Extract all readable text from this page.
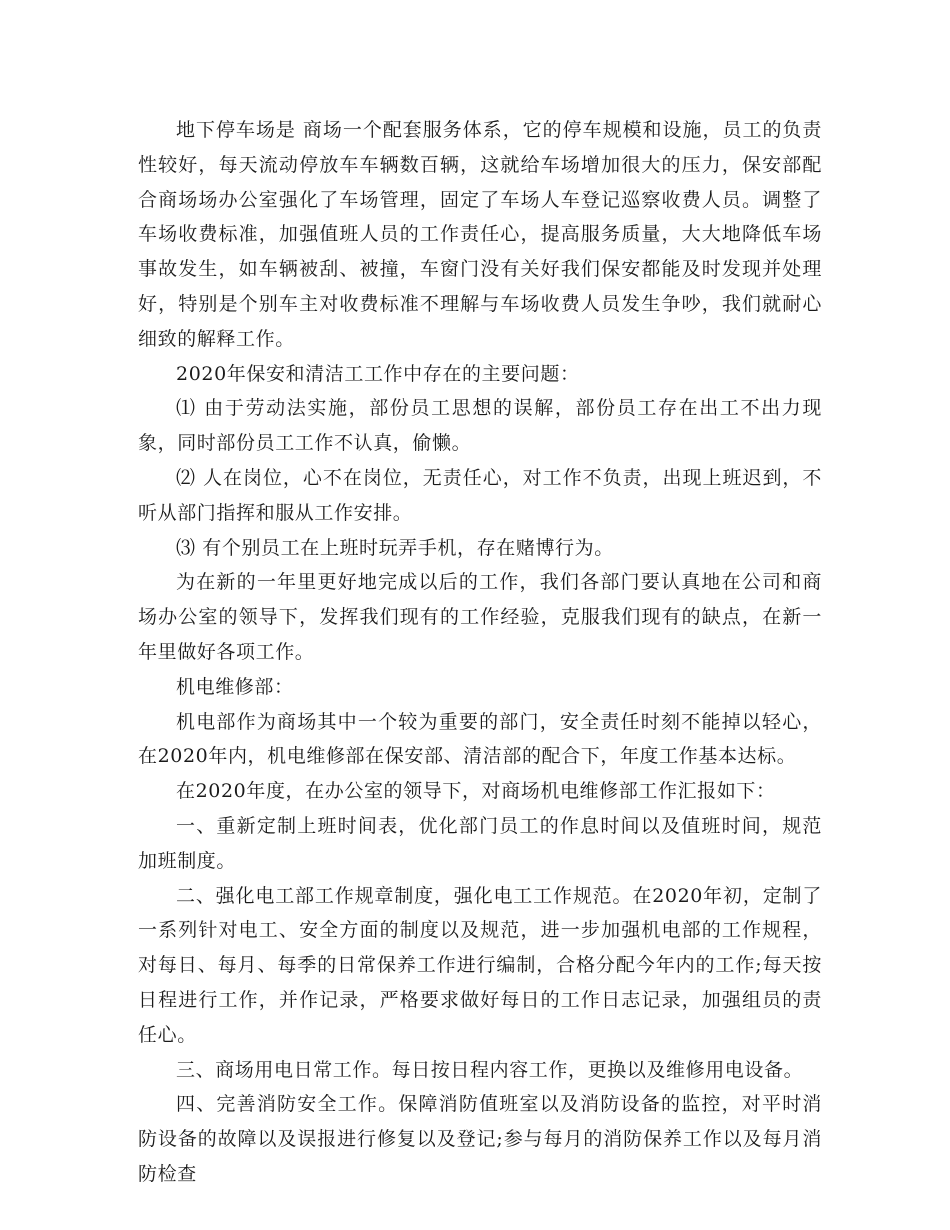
地下停车场是 商场一个配套服务体系，它的停车规模和设施，员工的负责性较好，每天流动停放车车辆数百辆，这就给车场增加很大的压力，保安部配合商场场办公室强化了车场管理，固定了车场人车登记巡察收费人员。调整了车场收费标准，加强值班人员的工作责任心，提高服务质量，大大地降低车场事故发生，如车辆被刮、被撞，车窗门没有关好我们保安都能及时发现并处理好，特别是个别车主对收费标准不理解与车场收费人员发生争吵，我们就耐心细致的解释工作。

2020年保安和清洁工工作中存在的主要问题：

⑴ 由于劳动法实施，部份员工思想的误解，部份员工存在出工不出力现象，同时部份员工工作不认真，偷懒。

⑵ 人在岗位，心不在岗位，无责任心，对工作不负责，出现上班迟到，不听从部门指挥和服从工作安排。

⑶ 有个别员工在上班时玩弄手机，存在赌博行为。

为在新的一年里更好地完成以后的工作，我们各部门要认真地在公司和商场办公室的领导下，发挥我们现有的工作经验，克服我们现有的缺点，在新一年里做好各项工作。

机电维修部：

机电部作为商场其中一个较为重要的部门，安全责任时刻不能掉以轻心，在2020年内，机电维修部在保安部、清洁部的配合下，年度工作基本达标。

在2020年度，在办公室的领导下，对商场机电维修部工作汇报如下：

一、重新定制上班时间表，优化部门员工的作息时间以及值班时间，规范加班制度。

二、强化电工部工作规章制度，强化电工工作规范。在2020年初，定制了一系列针对电工、安全方面的制度以及规范，进一步加强机电部的工作规程，对每日、每月、每季的日常保养工作进行编制，合格分配今年内的工作;每天按日程进行工作，并作记录，严格要求做好每日的工作日志记录，加强组员的责任心。

三、商场用电日常工作。每日按日程内容工作，更换以及维修用电设备。

四、完善消防安全工作。保障消防值班室以及消防设备的监控，对平时消防设备的故障以及误报进行修复以及登记;参与每月的消防保养工作以及每月消防检查
